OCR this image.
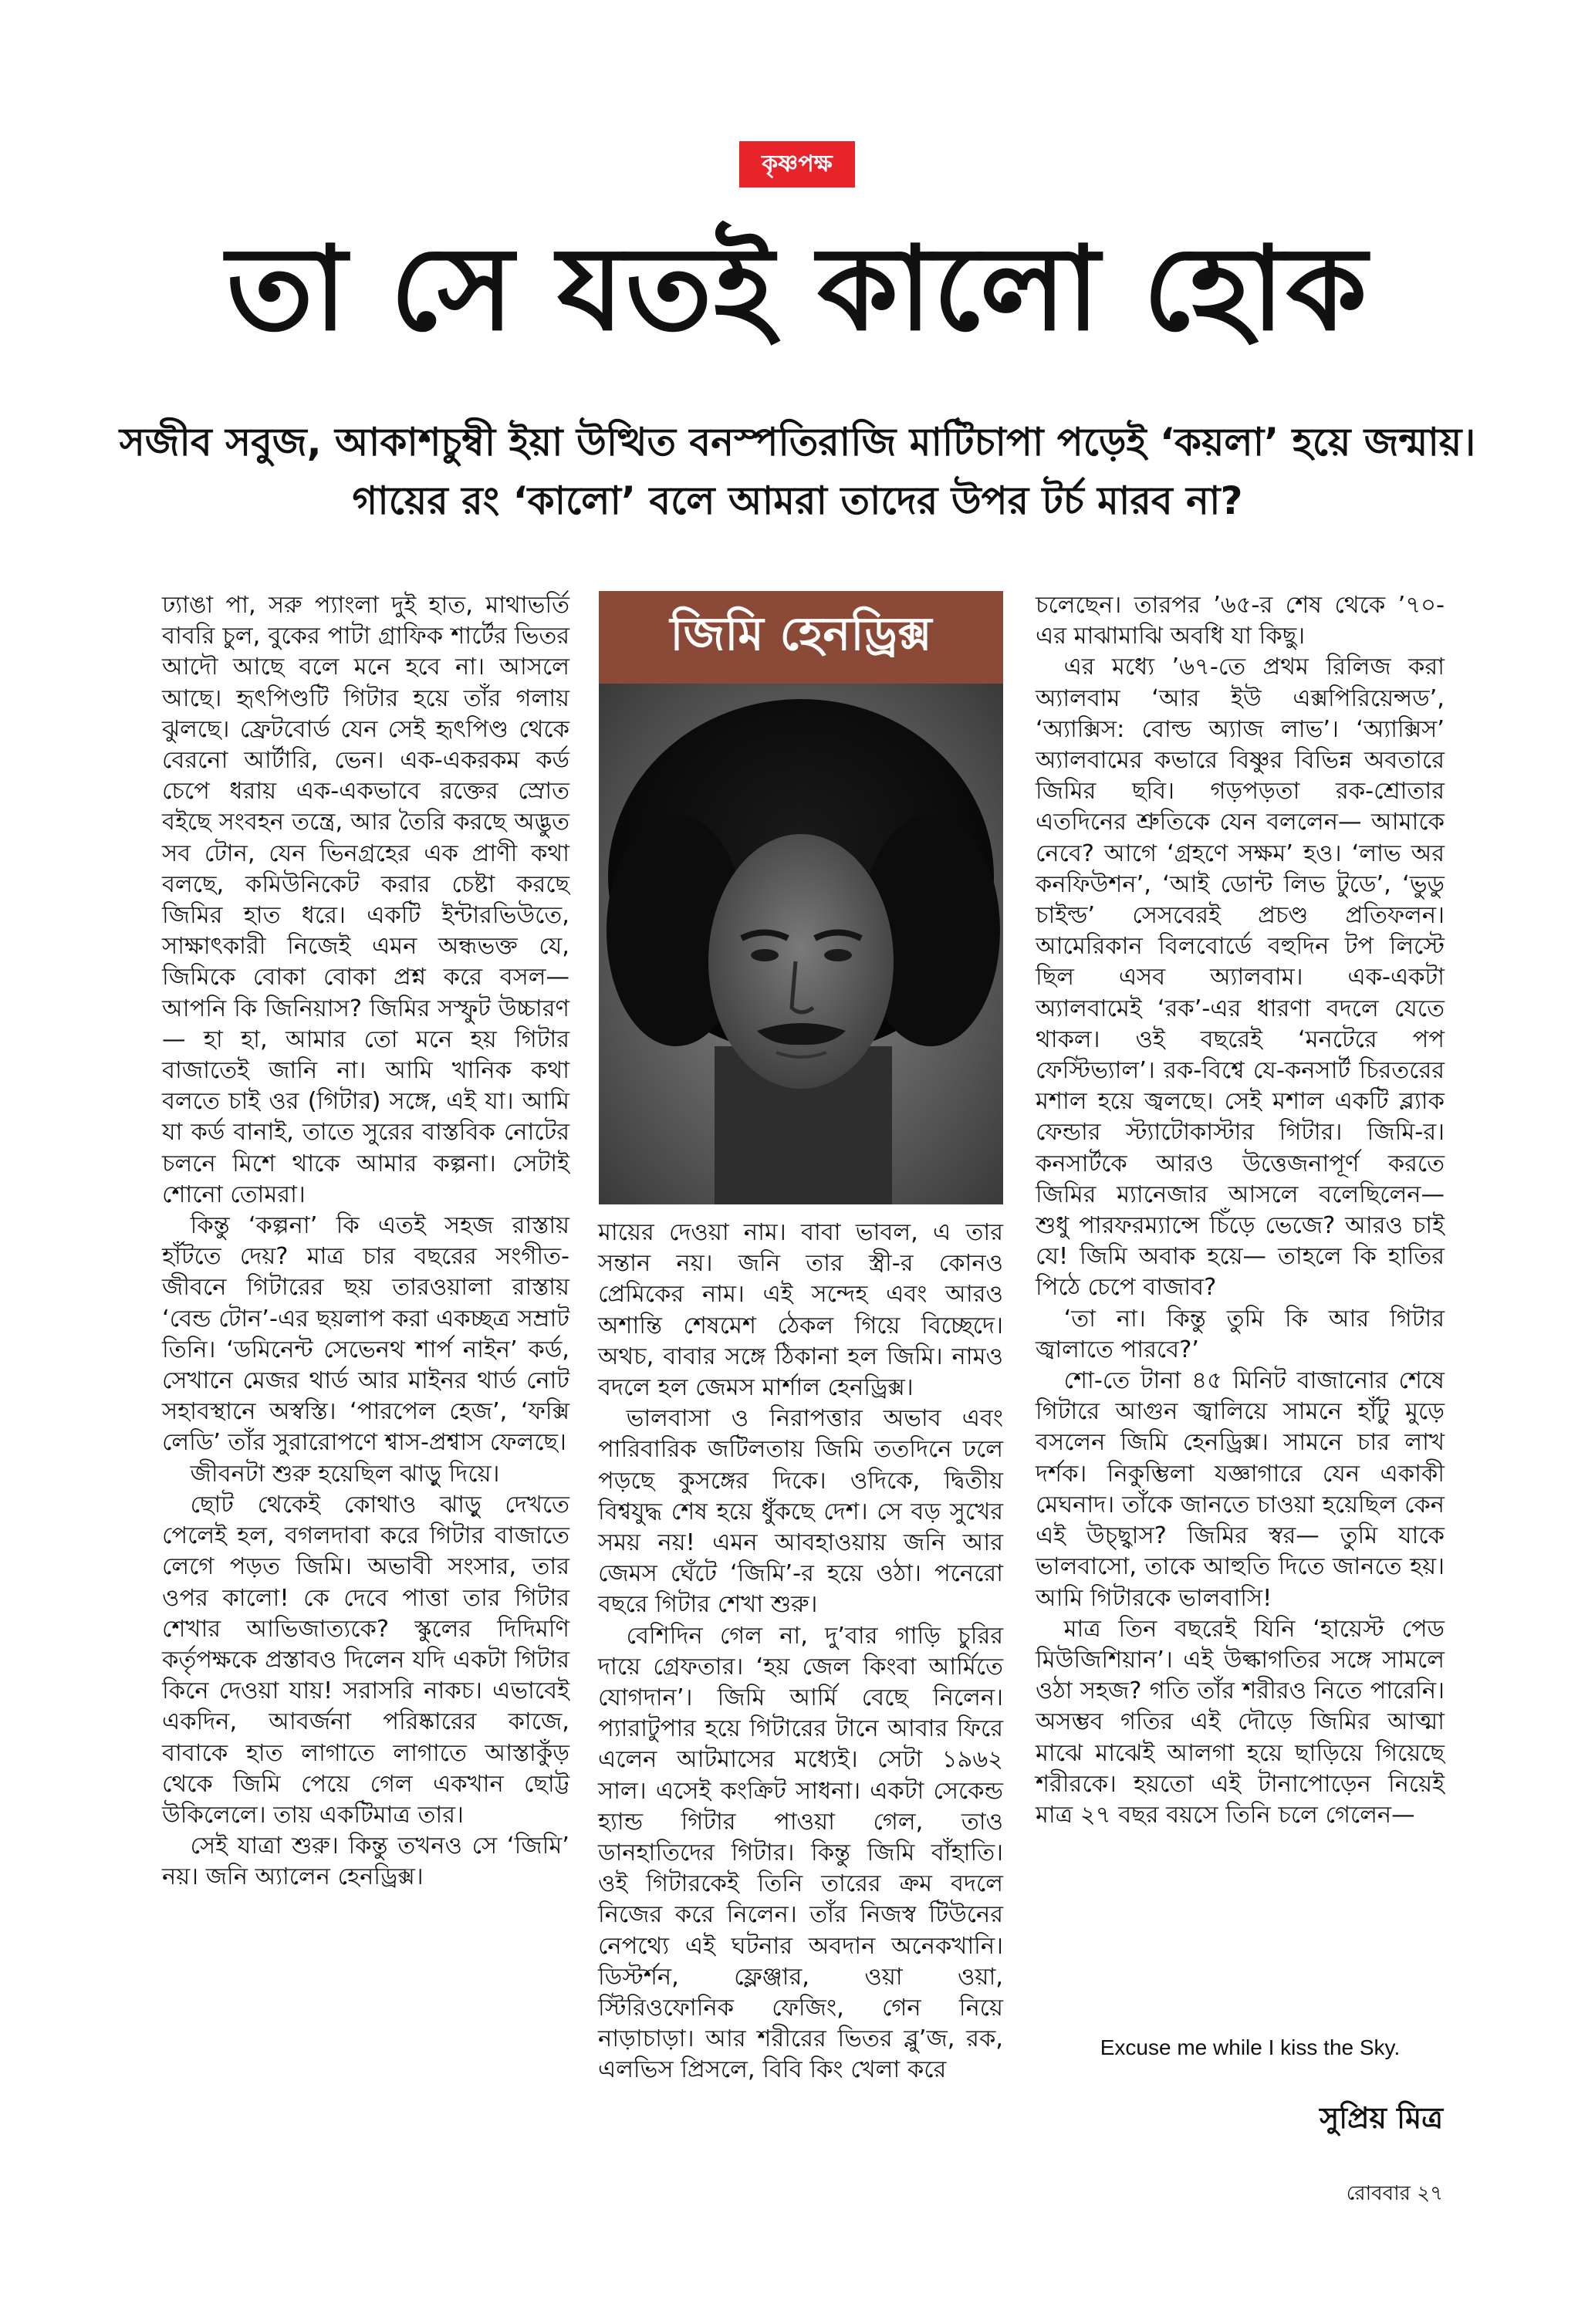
কৃষ্ণপক্ষ
তা সে যতই কালো হোক

সজীব সবুজ, আকাশচুম্বী ইয়া উত্থিত বনস্পতিরাজি মাটিচাপা পড়েই ‘কয়লা’ হয়ে জন্মায়। গায়ের রং ‘কালো’ বলে আমরা তাদের উপর টর্চ মারব না?

ঢ্যাঙা পা, সরু প্যাংলা দুই হাত, মাথাভর্তি বাবরি চুল, বুকের পাটা গ্রাফিক শার্টের ভিতর আদৌ আছে বলে মনে হবে না। আসলে আছে। হৃৎপিণ্ডটি গিটার হয়ে তাঁর গলায় ঝুলছে। ফ্রেটবোর্ড যেন সেই হৃৎপিণ্ড থেকে বেরনো আর্টারি, ভেন। এক-একরকম কর্ড চেপে ধরায় এক-একভাবে রক্তের স্রোত বইছে সংবহন তন্ত্রে, আর তৈরি করছে অদ্ভুত সব টোন, যেন ভিনগ্রহের এক প্রাণী কথা বলছে, কমিউনিকেট করার চেষ্টা করছে জিমির হাত ধরে। একটি ইন্টারভিউতে, সাক্ষাৎকারী নিজেই এমন অন্ধভক্ত যে, জিমিকে বোকা বোকা প্রশ্ন করে বসল— আপনি কি জিনিয়াস? জিমির সস্ফুট উচ্চারণ— হা হা, আমার তো মনে হয় গিটার বাজাতেই জানি না। আমি খানিক কথা বলতে চাই ওর (গিটার) সঙ্গে, এই যা। আমি যা কর্ড বানাই, তাতে সুরের বাস্তবিক নোটের চলনে মিশে থাকে আমার কল্পনা। সেটাই শোনো তোমরা।

কিন্তু ‘কল্পনা’ কি এতই সহজ রাস্তায় হাঁটতে দেয়? মাত্র চার বছরের সংগীত-জীবনে গিটারের ছয় তারওয়ালা রাস্তায় ‘বেন্ড টোন’-এর ছয়লাপ করা একচ্ছত্র সম্রাট তিনি। ‘ডমিনেন্ট সেভেনথ শার্প নাইন’ কর্ড, সেখানে মেজর থার্ড আর মাইনর থার্ড নোট সহাবস্থানে অস্বস্তি। ‘পারপেল হেজ’, ‘ফক্সি লেডি’ তাঁর সুরারোপণে শ্বাস-প্রশ্বাস ফেলছে।

জীবনটা শুরু হয়েছিল ঝাড়ু দিয়ে।

ছোট থেকেই কোথাও ঝাড়ু দেখতে পেলেই হল, বগলদাবা করে গিটার বাজাতে লেগে পড়ত জিমি। অভাবী সংসার, তার ওপর কালো! কে দেবে পাত্তা তার গিটার শেখার আভিজাত্যকে? স্কুলের দিদিমণি কর্তৃপক্ষকে প্রস্তাবও দিলেন যদি একটা গিটার কিনে দেওয়া যায়! সরাসরি নাকচ। এভাবেই একদিন, আবর্জনা পরিষ্কারের কাজে, বাবাকে হাত লাগাতে লাগাতে আস্তাকুঁড় থেকে জিমি পেয়ে গেল একখান ছোট্ট উকিলেলে। তায় একটিমাত্র তার।

সেই যাত্রা শুরু। কিন্তু তখনও সে ‘জিমি’ নয়। জনি অ্যালেন হেনড্রিক্স।

জিমি হেনড্রিক্স

মায়ের দেওয়া নাম। বাবা ভাবল, এ তার সন্তান নয়। জনি তার স্ত্রী-র কোনও প্রেমিকের নাম। এই সন্দেহ এবং আরও অশান্তি শেষমেশ ঠেকল গিয়ে বিচ্ছেদে। অথচ, বাবার সঙ্গে ঠিকানা হল জিমি। নামও বদলে হল জেমস মার্শাল হেনড্রিক্স।

ভালবাসা ও নিরাপত্তার অভাব এবং পারিবারিক জটিলতায় জিমি ততদিনে ঢলে পড়ছে কুসঙ্গের দিকে। ওদিকে, দ্বিতীয় বিশ্বযুদ্ধ শেষ হয়ে ধুঁকছে দেশ। সে বড় সুখের সময় নয়! এমন আবহাওয়ায় জনি আর জেমস ঘেঁটে ‘জিমি’-র হয়ে ওঠা। পনেরো বছরে গিটার শেখা শুরু।

বেশিদিন গেল না, দু’বার গাড়ি চুরির দায়ে গ্রেফতার। ‘হয় জেল কিংবা আর্মিতে যোগদান’। জিমি আর্মি বেছে নিলেন। প্যারাটুপার হয়ে গিটারের টানে আবার ফিরে এলেন আটমাসের মধ্যেই। সেটা ১৯৬২ সাল। এসেই কংক্রিট সাধনা। একটা সেকেন্ড হ্যান্ড গিটার পাওয়া গেল, তাও ডানহাতিদের গিটার। কিন্তু জিমি বাঁহাতি। ওই গিটারকেই তিনি তারের ক্রম বদলে নিজের করে নিলেন। তাঁর নিজস্ব টিউনের নেপথ্যে এই ঘটনার অবদান অনেকখানি। ডিস্টর্শন, ফ্লেঞ্জার, ওয়া ওয়া, স্টিরিওফোনিক ফেজিং, গেন নিয়ে নাড়াচাড়া। আর শরীরের ভিতর ব্লু’জ, রক, এলভিস প্রিসলে, বিবি কিং খেলা করে

চলেছেন। তারপর ’৬৫-র শেষ থেকে ’৭০-এর মাঝামাঝি অবধি যা কিছু।

এর মধ্যে ’৬৭-তে প্রথম রিলিজ করা অ্যালবাম ‘আর ইউ এক্সপিরিয়েন্সড’, ‘অ্যাক্সিস: বোল্ড অ্যাজ লাভ’। ‘অ্যাক্সিস’ অ্যালবামের কভারে বিষ্ণুর বিভিন্ন অবতারে জিমির ছবি। গড়পড়তা রক-শ্রোতার এতদিনের শ্রুতিকে যেন বললেন— আমাকে নেবে? আগে ‘গ্রহণে সক্ষম’ হও। ‘লাভ অর কনফিউশন’, ‘আই ডোন্ট লিভ টুডে’, ‘ভুডু চাইল্ড’ সেসবেরই প্রচণ্ড প্রতিফলন। আমেরিকান বিলবোর্ডে বহুদিন টপ লিস্টে ছিল এসব অ্যালবাম। এক-একটা অ্যালবামেই ‘রক’-এর ধারণা বদলে যেতে থাকল। ওই বছরেই ‘মনটেরে পপ ফেস্টিভ্যাল’। রক-বিশ্বে যে-কনসার্ট চিরতরের মশাল হয়ে জ্বলছে। সেই মশাল একটি ব্ল্যাক ফেন্ডার স্ট্যাটোকাস্টার গিটার। জিমি-র। কনসার্টকে আরও উত্তেজনাপূর্ণ করতে জিমির ম্যানেজার আসলে বলেছিলেন— শুধু পারফরম্যান্সে চিঁড়ে ভেজে? আরও চাই যে! জিমি অবাক হয়ে— তাহলে কি হাতির পিঠে চেপে বাজাব?

‘তা না। কিন্তু তুমি কি আর গিটার জ্বালাতে পারবে?’

শো-তে টানা ৪৫ মিনিট বাজানোর শেষে গিটারে আগুন জ্বালিয়ে সামনে হাঁটু মুড়ে বসলেন জিমি হেনড্রিক্স। সামনে চার লাখ দর্শক। নিকুম্ভিলা যজ্ঞাগারে যেন একাকী মেঘনাদ। তাঁকে জানতে চাওয়া হয়েছিল কেন এই উচ্ছ্বাস? জিমির স্বর— তুমি যাকে ভালবাসো, তাকে আহুতি দিতে জানতে হয়। আমি গিটারকে ভালবাসি!

মাত্র তিন বছরেই যিনি ‘হায়েস্ট পেড মিউজিশিয়ান’। এই উল্কাগতির সঙ্গে সামলে ওঠা সহজ? গতি তাঁর শরীরও নিতে পারেনি। অসম্ভব গতির এই দৌড়ে জিমির আত্মা মাঝে মাঝেই আলগা হয়ে ছাড়িয়ে গিয়েছে শরীরকে। হয়তো এই টানাপোড়েন নিয়েই মাত্র ২৭ বছর বয়সে তিনি চলে গেলেন—

Excuse me while I kiss the Sky.
সুপ্রিয় মিত্র
রোববার ২৭
